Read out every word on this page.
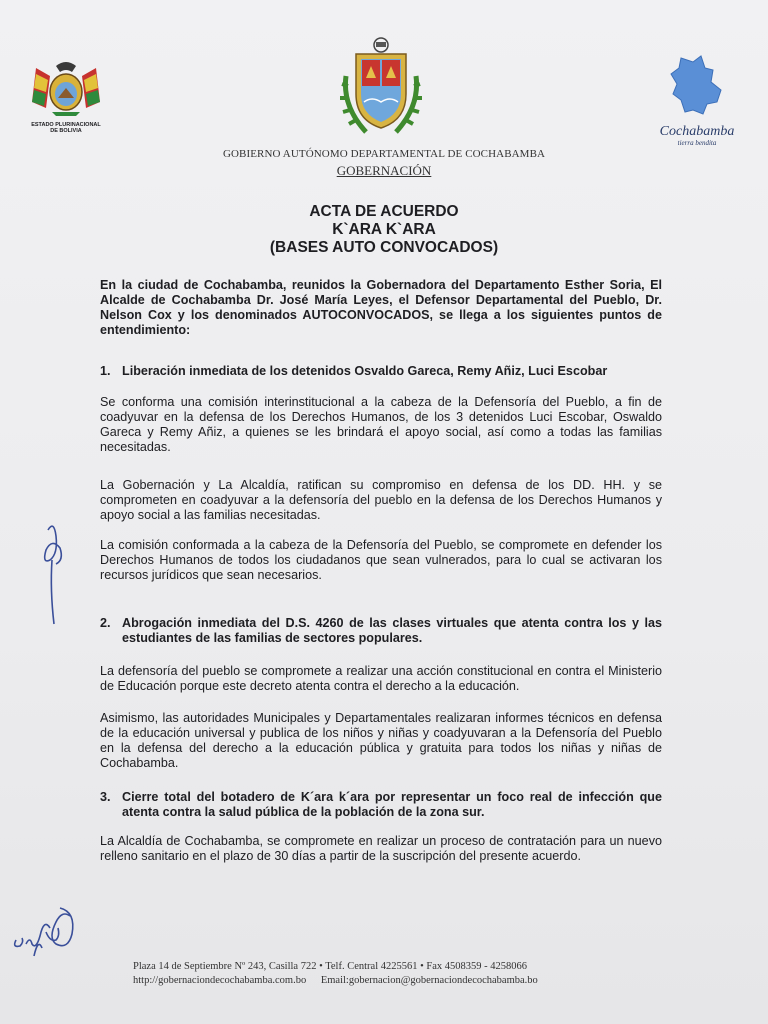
ESTADO PLURINACIONAL
DE BOLIVIA	Cochabamba
tierra bendita
GOBIERNO AUTÓNOMO DEPARTAMENTAL DE COCHABAMBA
GOBERNACIÓN
ACTA DE ACUERDO
K`ARA K`ARA
(BASES AUTO CONVOCADOS)
En la ciudad de Cochabamba, reunidos la Gobernadora del Departamento Esther Soria, El Alcalde de Cochabamba Dr. José María Leyes, el Defensor Departamental del Pueblo, Dr. Nelson Cox y los denominados AUTOCONVOCADOS, se llega a los siguientes puntos de entendimiento:
1. Liberación inmediata de los detenidos Osvaldo Gareca, Remy Añiz, Luci Escobar
Se conforma una comisión interinstitucional a la cabeza de la Defensoría del Pueblo, a fin de coadyuvar en la defensa de los Derechos Humanos, de los 3 detenidos Luci Escobar, Oswaldo Gareca y Remy Añiz, a quienes se les brindará el apoyo social, así como a todas las familias necesitadas.
La Gobernación y La Alcaldía, ratifican su compromiso en defensa de los DD. HH. y se comprometen en coadyuvar a la defensoría del pueblo en la defensa de los Derechos Humanos y apoyo social a las familias necesitadas.
La comisión conformada a la cabeza de la Defensoría del Pueblo, se compromete en defender los Derechos Humanos de todos los ciudadanos que sean vulnerados, para lo cual se activaran los recursos jurídicos que sean necesarios.
2. Abrogación inmediata del D.S. 4260 de las clases virtuales que atenta contra los y las estudiantes de las familias de sectores populares.
La defensoría del pueblo se compromete a realizar una acción constitucional en contra el Ministerio de Educación porque este decreto atenta contra el derecho a la educación.
Asimismo, las autoridades Municipales y Departamentales realizaran informes técnicos en defensa de la educación universal y publica de los niños y niñas y coadyuvaran a la Defensoría del Pueblo en la defensa del derecho a la educación pública y gratuita para todos los niñas y niñas de Cochabamba.
3. Cierre total del botadero de K´ara k´ara por representar un foco real de infección que atenta contra la salud pública de la población de la zona sur.
La Alcaldía de Cochabamba, se compromete en realizar un proceso de contratación para un nuevo relleno sanitario en el plazo de 30 días a partir de la suscripción del presente acuerdo.
Plaza 14 de Septiembre Nº 243, Casilla 722 • Telf. Central 4225561 • Fax 4508359 - 4258066
http://gobernaciondecochabamba.com.bo Email:gobernacion@gobernaciondecochabamba.bo
